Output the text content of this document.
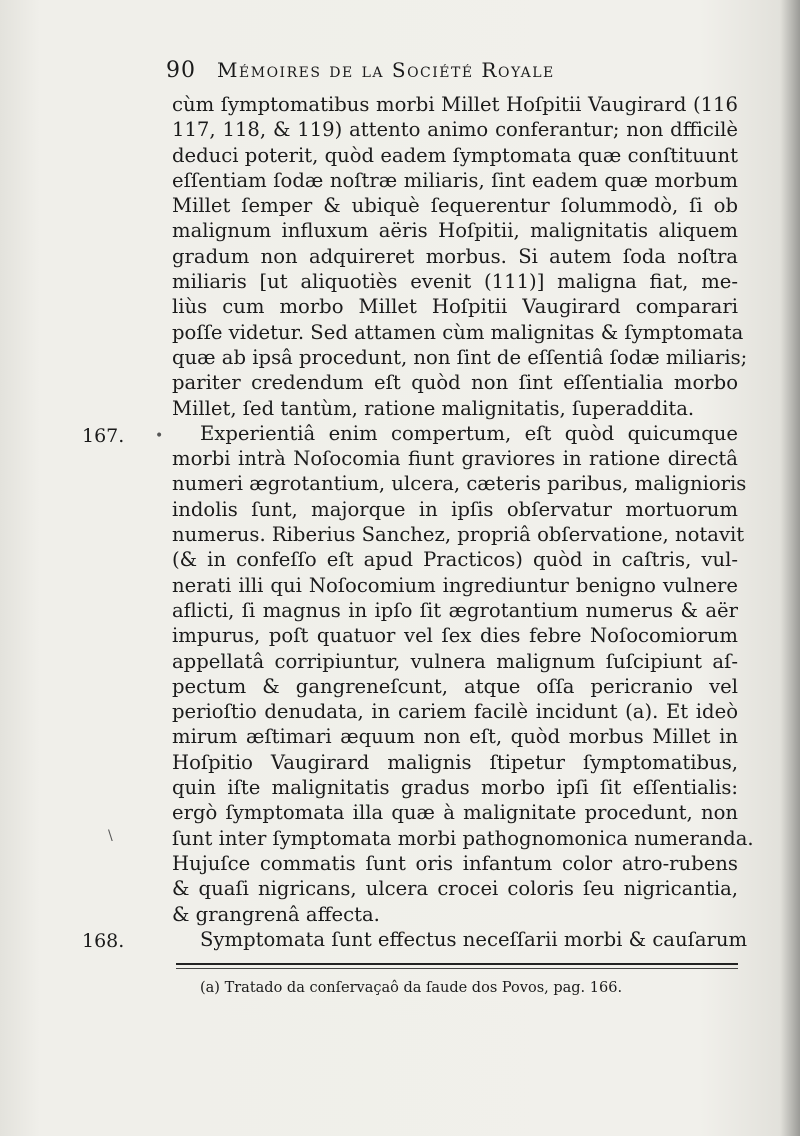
90 Mémoires de la Société Royale
167.
168.
\
•
cùm ſymptomatibus morbi Millet Hoſpitii Vaugirard (116
117, 118, & 119) attento animo conferantur; non dfficilè
deduci poterit, quòd eadem ſymptomata quæ conſtituunt
eſſentiam ſodæ noſtræ miliaris, ſint eadem quæ morbum
Millet ſemper & ubiquè ſequerentur ſolummodò, ſi ob
malignum influxum aëris Hoſpitii, malignitatis aliquem
gradum non adquireret morbus. Si autem ſoda noſtra
miliaris [ut aliquotiès evenit (111)] maligna fiat, me-
liùs cum morbo Millet Hoſpitii Vaugirard comparari
poſſe videtur. Sed attamen cùm malignitas & ſymptomata
quæ ab ipsâ procedunt, non ſint de eſſentiâ ſodæ miliaris;
pariter credendum eſt quòd non ſint eſſentialia morbo
Millet, ſed tantùm, ratione malignitatis, ſuperaddita.
Experientiâ enim compertum, eſt quòd quicumque
morbi intrà Noſocomia fiunt graviores in ratione directâ
numeri ægrotantium, ulcera, cæteris paribus, malignioris
indolis ſunt, majorque in ipſis obſervatur mortuorum
numerus. Riberius Sanchez, propriâ obſervatione, notavit
(& in confeſſo eſt apud Practicos) quòd in caſtris, vul-
nerati illi qui Noſocomium ingrediuntur benigno vulnere
aflicti, ſi magnus in ipſo ſit ægrotantium numerus & aër
impurus, poſt quatuor vel ſex dies febre Noſocomiorum
appellatâ corripiuntur, vulnera malignum ſuſcipiunt aſ-
pectum & gangreneſcunt, atque oſſa pericranio vel
perioſtio denudata, in cariem facilè incidunt (a). Et ideò
mirum æſtimari æquum non eſt, quòd morbus Millet in
Hoſpitio Vaugirard malignis ſtipetur ſymptomatibus,
quin iſte malignitatis gradus morbo ipſi ſit eſſentialis:
ergò ſymptomata illa quæ à malignitate procedunt, non
ſunt inter ſymptomata morbi pathognomonica numeranda.
Hujuſce commatis ſunt oris infantum color atro-rubens
& quaſi nigricans, ulcera crocei coloris ſeu nigricantia,
& grangrenâ affecta.
Symptomata ſunt effectus neceſſarii morbi & cauſarum
(a) Tratado da conſervaçaô da ſaude dos Povos, pag. 166.
